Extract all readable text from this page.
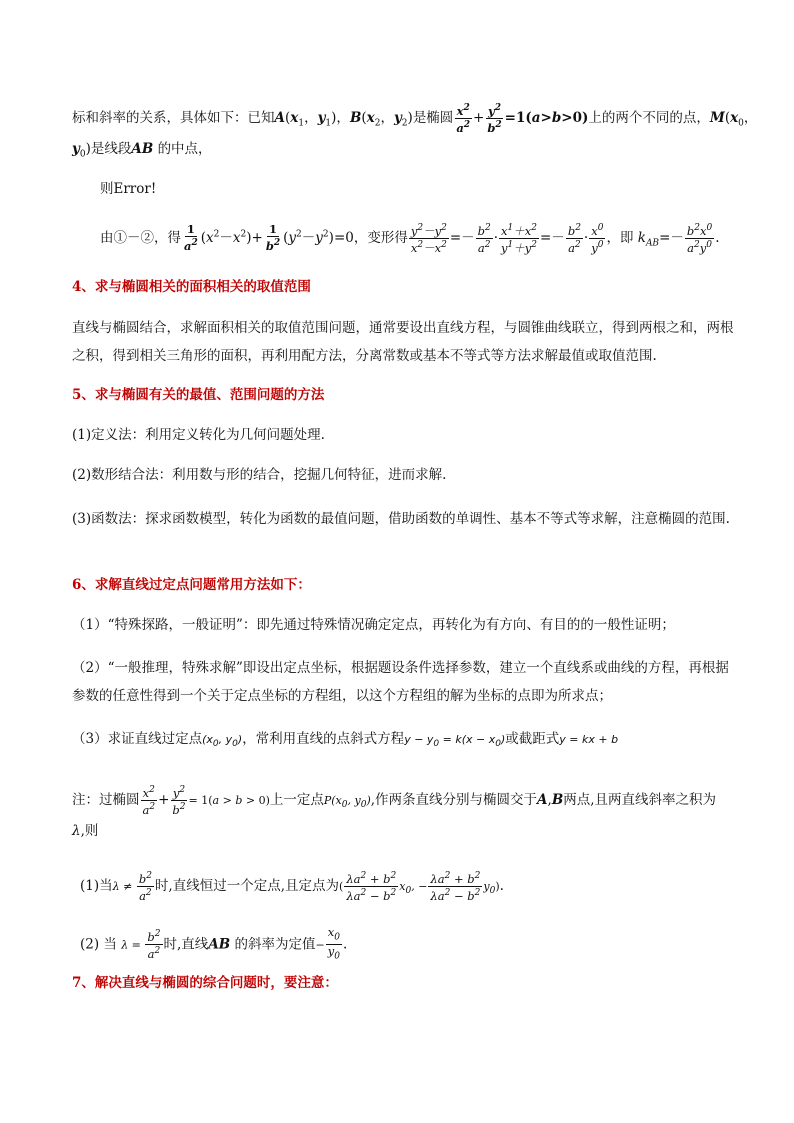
标和斜率的关系，具体如下：已知$A(x_1$，$y_1$)，$B(x_2$，$y_2$)是椭圆 $\frac{x^2}{a^2} + \frac{y^2}{b^2} =1(a>b>0)$上的两个不同的点，$M(x_0$，
$y_0$)是线段AB 的中点，
则Error!
由①－②，得 $\frac{1}{a^2} (x^2-x^2)+ \frac{1}{b^2} (y^2-y^2)=0$，变形得 $\frac{y^2-y^2}{x^2-x^2} =- \frac{b^2}{a^2} \cdot \frac{x^1+x^2}{y^1+y^2} =- \frac{b^2}{a^2} \cdot \frac{x^0}{y^0}$ ，即 $k_{AB}=- \frac{b^2x^0}{a^2y^0}$ .
4、求与椭圆相关的面积相关的取值范围
直线与椭圆结合，求解面积相关的取值范围问题，通常要设出直线方程，与圆锥曲线联立，得到两根之和，两根之积，得到相关三角形的面积，再利用配方法，分离常数或基本不等式等方法求解最值或取值范围.
5、求与椭圆有关的最值、范围问题的方法
(1)定义法：利用定义转化为几何问题处理.
(2)数形结合法：利用数与形的结合，挖掘几何特征，进而求解.
(3)函数法：探求函数模型，转化为函数的最值问题，借助函数的单调性、基本不等式等求解，注意椭圆的范围.
6、求解直线过定点问题常用方法如下：
（1）“特殊探路，一般证明”：即先通过特殊情况确定定点，再转化为有方向、有目的的一般性证明；
（2）“一般推理，特殊求解”即设出定点坐标，根据题设条件选择参数，建立一个直线系或曲线的方程，再根据参数的任意性得到一个关于定点坐标的方程组，以这个方程组的解为坐标的点即为所求点；
（3）求证直线过定点($x_0$, $y_0$)，常利用直线的点斜式方程$y - y_0 = k(x - x_0)$或截距式y = kx + b
注：过椭圆 $\frac{x^2}{a^2} + \frac{y^2}{b^2} = 1(a > b > 0)$上一定点$P(x_0$, $y_0$),作两条直线分别与椭圆交于A,B两点,且两直线斜率之积为
λ,则
(1)当$\lambda \ne \frac{b^2}{a^2}$ 时,直线恒过一个定点,且定点为( $\frac{\lambda a^2 + b^2}{\lambda a^2 - b^2} x_0$, − $\frac{\lambda a^2 + b^2}{\lambda a^2 - b^2} y_0$).
(2) 当 $\lambda = \frac{b^2}{a^2}$ 时,直线AB 的斜率为定值− $\frac{x_0}{y_0}$ .
7、解决直线与椭圆的综合问题时，要注意：
